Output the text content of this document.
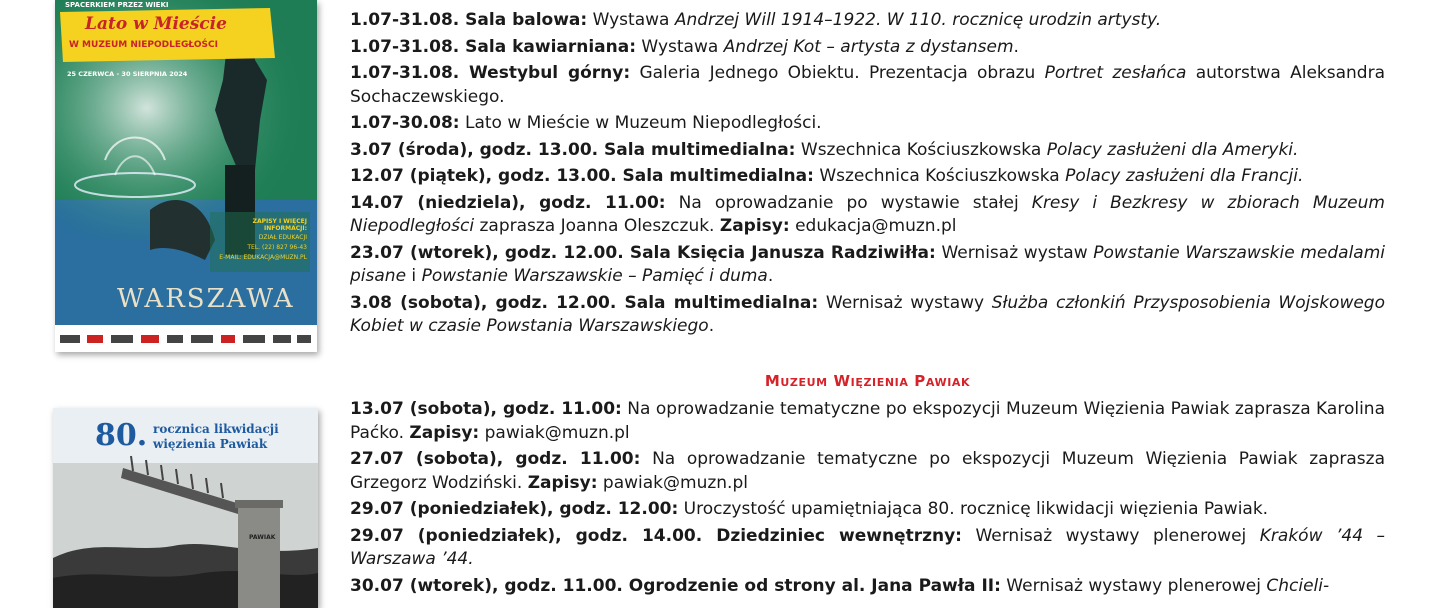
SPACERKIEM PRZEZ WIEKI
Lato w Mieście
W MUZEUM NIEPODLEGŁOŚCI
25 CZERWCA - 30 SIERPNIA 2024
ZAPISY I WIĘCEJ INFORMACJI:
DZIAŁ EDUKACJI
TEL. (22) 827 96-43
E-MAIL: EDUKACJA@MUZN.PL
WARSZAWA
80. rocznica likwidacji
więzienia Pawiak
PAWIAK

1.07-31.08. Sala balowa: Wystawa Andrzej Will 1914–1922. W 110. rocznicę urodzin artysty.

1.07-31.08. Sala kawiarniana: Wystawa Andrzej Kot – artysta z dystansem.

1.07-31.08. Westybul górny: Galeria Jednego Obiektu. Prezentacja obrazu Portret zesłańca autorstwa Aleksandra Sochaczewskiego.

1.07-30.08: Lato w Mieście w Muzeum Niepodległości.

3.07 (środa), godz. 13.00. Sala multimedialna: Wszechnica Kościuszkowska Polacy zasłużeni dla Ameryki.

12.07 (piątek), godz. 13.00. Sala multimedialna: Wszechnica Kościuszkowska Polacy zasłużeni dla Francji.

14.07 (niedziela), godz. 11.00: Na oprowadzanie po wystawie stałej Kresy i Bezkresy w zbiorach Muzeum Niepodległości zaprasza Joanna Oleszczuk. Zapisy: edukacja@muzn.pl

23.07 (wtorek), godz. 12.00. Sala Księcia Janusza Radziwiłła: Wernisaż wystaw Powstanie Warszawskie medalami pisane i Powstanie Warszawskie – Pamięć i duma.

3.08 (sobota), godz. 12.00. Sala multimedialna: Wernisaż wystawy Służba członkiń Przysposobienia Wojskowego Kobiet w czasie Powstania Warszawskiego.

Muzeum Więzienia Pawiak

13.07 (sobota), godz. 11.00: Na oprowadzanie tematyczne po ekspozycji Muzeum Więzienia Pawiak zaprasza Karolina Paćko. Zapisy: pawiak@muzn.pl

27.07 (sobota), godz. 11.00: Na oprowadzanie tematyczne po ekspozycji Muzeum Więzienia Pawiak zaprasza Grzegorz Wodziński. Zapisy: pawiak@muzn.pl

29.07 (poniedziałek), godz. 12.00: Uroczystość upamiętniająca 80. rocznicę likwidacji więzienia Pawiak.

29.07 (poniedziałek), godz. 14.00. Dziedziniec wewnętrzny: Wernisaż wystawy plenerowej Kraków ’44 – Warszawa ’44.

30.07 (wtorek), godz. 11.00. Ogrodzenie od strony al. Jana Pawła II: Wernisaż wystawy plenerowej Chcieli-
